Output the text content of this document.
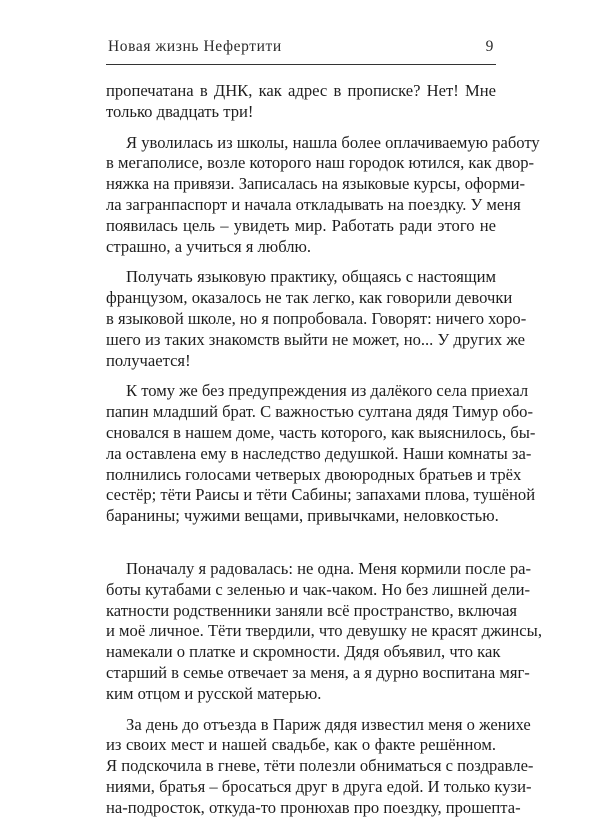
Новая жизнь Нефертити	9
пропечатана в ДНК, как адрес в прописке? Нет! Мне
только двадцать три!
Я уволилась из школы, нашла более оплачиваемую работу
в мегаполисе, возле которого наш городок ютился, как двор-
няжка на привязи. Записалась на языковые курсы, оформи-
ла загранпаспорт и начала откладывать на поездку. У меня
появилась цель – увидеть мир. Работать ради этого не
страшно, а учиться я люблю.
Получать языковую практику, общаясь с настоящим
французом, оказалось не так легко, как говорили девочки
в языковой школе, но я попробовала. Говорят: ничего хоро-
шего из таких знакомств выйти не может, но... У других же
получается!
К тому же без предупреждения из далёкого села приехал
папин младший брат. С важностью султана дядя Тимур обо-
сновался в нашем доме, часть которого, как выяснилось, бы-
ла оставлена ему в наследство дедушкой. Наши комнаты за-
полнились голосами четверых двоюродных братьев и трёх
сестёр; тёти Раисы и тёти Сабины; запахами плова, тушёной
баранины; чужими вещами, привычками, неловкостью.
Поначалу я радовалась: не одна. Меня кормили после ра-
боты кутабами с зеленью и чак-чаком. Но без лишней дели-
катности родственники заняли всё пространство, включая
и моё личное. Тёти твердили, что девушку не красят джинсы,
намекали о платке и скромности. Дядя объявил, что как
старший в семье отвечает за меня, а я дурно воспитана мяг-
ким отцом и русской матерью.
За день до отъезда в Париж дядя известил меня о женихе
из своих мест и нашей свадьбе, как о факте решённом.
Я подскочила в гневе, тёти полезли обниматься с поздравле-
ниями, братья – бросаться друг в друга едой. И только кузи-
на-подросток, откуда-то пронюхав про поездку, прошепта-
